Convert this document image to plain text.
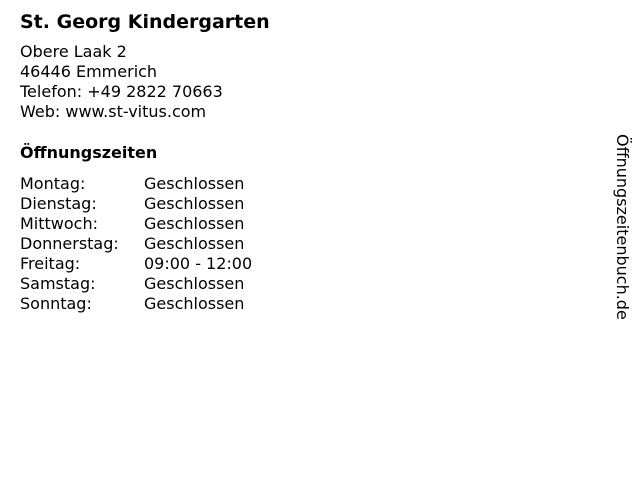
St. Georg Kindergarten
Obere Laak 2
46446 Emmerich
Telefon: +49 2822 70663
Web: www.st-vitus.com
Öffnungszeiten
Montag:	Geschlossen
Dienstag:	Geschlossen
Mittwoch:	Geschlossen
Donnerstag:	Geschlossen
Freitag:	09:00 - 12:00
Samstag:	Geschlossen
Sonntag:	Geschlossen	Öffnungszeitenbuch.de
